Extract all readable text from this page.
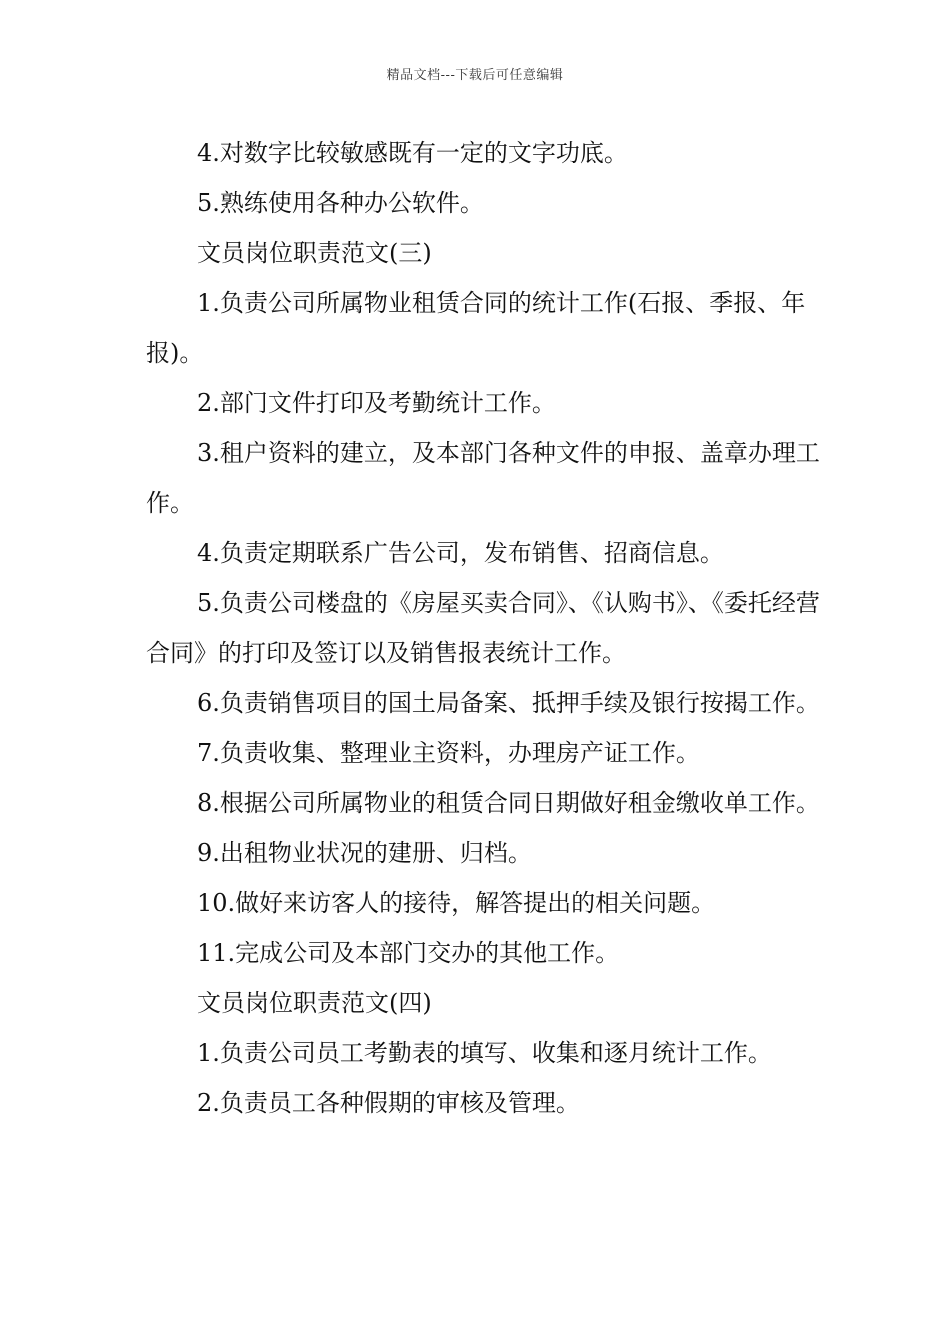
精品文档---下载后可任意编辑

4.对数字比较敏感既有一定的文字功底。

5.熟练使用各种办公软件。

文员岗位职责范文(三)

1.负责公司所属物业租赁合同的统计工作(石报、季报、年报)。

2.部门文件打印及考勤统计工作。

3.租户资料的建立，及本部门各种文件的申报、盖章办理工作。

4.负责定期联系广告公司，发布销售、招商信息。

5.负责公司楼盘的《房屋买卖合同》、《认购书》、《委托经营合同》的打印及签订以及销售报表统计工作。

6.负责销售项目的国土局备案、抵押手续及银行按揭工作。

7.负责收集、整理业主资料，办理房产证工作。

8.根据公司所属物业的租赁合同日期做好租金缴收单工作。

9.出租物业状况的建册、归档。

10.做好来访客人的接待，解答提出的相关问题。

11.完成公司及本部门交办的其他工作。

文员岗位职责范文(四)

1.负责公司员工考勤表的填写、收集和逐月统计工作。

2.负责员工各种假期的审核及管理。
